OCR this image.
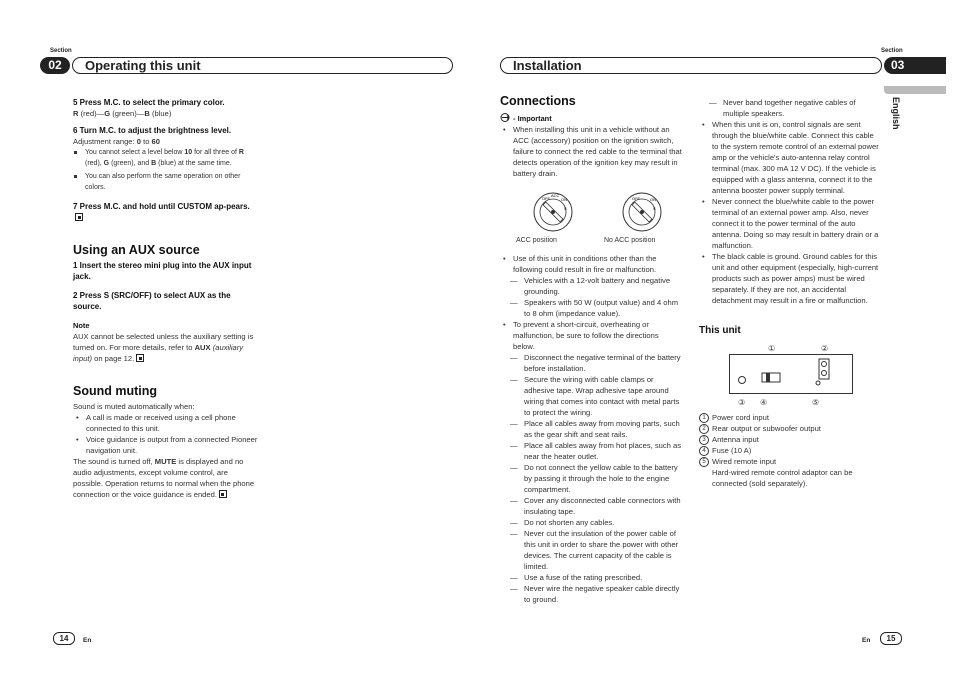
Section
02	Operating this unit

5 Press M.C. to select the primary color.

R (red)—G (green)—B (blue)

6 Turn M.C. to adjust the brightness level.

Adjustment range: 0 to 60

You cannot select a level below 10 for all three of R (red), G (green), and B (blue) at the same time.

You can also perform the same operation on other colors.

7 Press M.C. and hold until CUSTOM ap-pears.

Using an AUX source

1 Insert the stereo mini plug into the AUX input jack.

2 Press S (SRC/OFF) to select AUX as the source.

Note

AUX cannot be selected unless the auxiliary setting is turned on. For more details, refer to AUX (auxiliary input) on page 12.

Sound muting

Sound is muted automatically when:

• A call is made or received using a cell phone connected to this unit.

• Voice guidance is output from a connected Pioneer navigation unit.

The sound is turned off, MUTE is displayed and no audio adjustments, except volume control, are possible. Operation returns to normal when the phone connection or the voice guidance is ended.

14	En
Installation
Section
03
English

Connections

- Important

• When installing this unit in a vehicle without an ACC (accessory) position on the ignition switch, failure to connect the red cable to the terminal that detects operation of the ignition key may result in battery drain.

OFF
ACC
ON
S
OFF	ON
S
ACC position	No ACC position

• Use of this unit in conditions other than the following could result in fire or malfunction.

— Vehicles with a 12-volt battery and negative grounding.

— Speakers with 50 W (output value) and 4 ohm to 8 ohm (impedance value).

• To prevent a short-circuit, overheating or malfunction, be sure to follow the directions below.

— Disconnect the negative terminal of the battery before installation.

— Secure the wiring with cable clamps or adhesive tape. Wrap adhesive tape around wiring that comes into contact with metal parts to protect the wiring.

— Place all cables away from moving parts, such as the gear shift and seat rails.

— Place all cables away from hot places, such as near the heater outlet.

— Do not connect the yellow cable to the battery by passing it through the hole to the engine compartment.

— Cover any disconnected cable connectors with insulating tape.

— Do not shorten any cables.

— Never cut the insulation of the power cable of this unit in order to share the power with other devices. The current capacity of the cable is limited.

— Use a fuse of the rating prescribed.

— Never wire the negative speaker cable directly to ground.

— Never band together negative cables of multiple speakers.

• When this unit is on, control signals are sent through the blue/white cable. Connect this cable to the system remote control of an external power amp or the vehicle's auto-antenna relay control terminal (max. 300 mA 12 V DC). If the vehicle is equipped with a glass antenna, connect it to the antenna booster power supply terminal.

• Never connect the blue/white cable to the power terminal of an external power amp. Also, never connect it to the power terminal of the auto antenna. Doing so may result in battery drain or a malfunction.

• The black cable is ground. Ground cables for this unit and other equipment (especially, high-current products such as power amps) must be wired separately. If they are not, an accidental detachment may result in a fire or malfunction.

This unit

①	②
③ ④	⑤

1 Power cord input

2 Rear output or subwoofer output

3 Antenna input

4 Fuse (10 A)

5 Wired remote input

Hard-wired remote control adaptor can be connected (sold separately).

En	15
